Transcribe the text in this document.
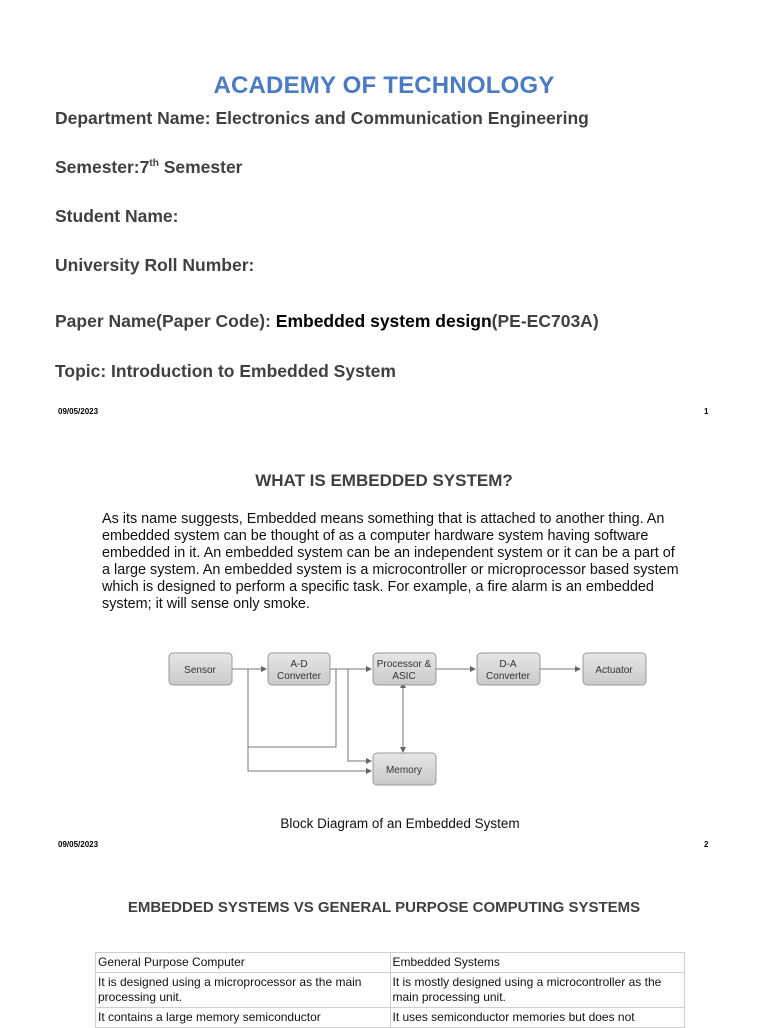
ACADEMY OF TECHNOLOGY
Department Name: Electronics and Communication Engineering
Semester:7th Semester
Student Name:
University Roll Number:
Paper Name(Paper Code): Embedded system design(PE-EC703A)
Topic: Introduction to Embedded System
09/05/2023	1
WHAT IS EMBEDDED SYSTEM?
As its name suggests, Embedded means something that is attached to another thing. An embedded system can be thought of as a computer hardware system having software embedded in it. An embedded system can be an independent system or it can be a part of a large system. An embedded system is a microcontroller or microprocessor based system which is designed to perform a specific task. For example, a fire alarm is an embedded system; it will sense only smoke.
Sensor
A-D
Converter
Processor &
ASIC
D-A
Converter
Actuator
Memory
Block Diagram of an Embedded System
09/05/2023	2
EMBEDDED SYSTEMS VS GENERAL PURPOSE COMPUTING SYSTEMS
General Purpose Computer	Embedded Systems
It is designed using a microprocessor as the main processing unit.	It is mostly designed using a microcontroller as the main processing unit.
It contains a large memory semiconductor	It uses semiconductor memories but does not
